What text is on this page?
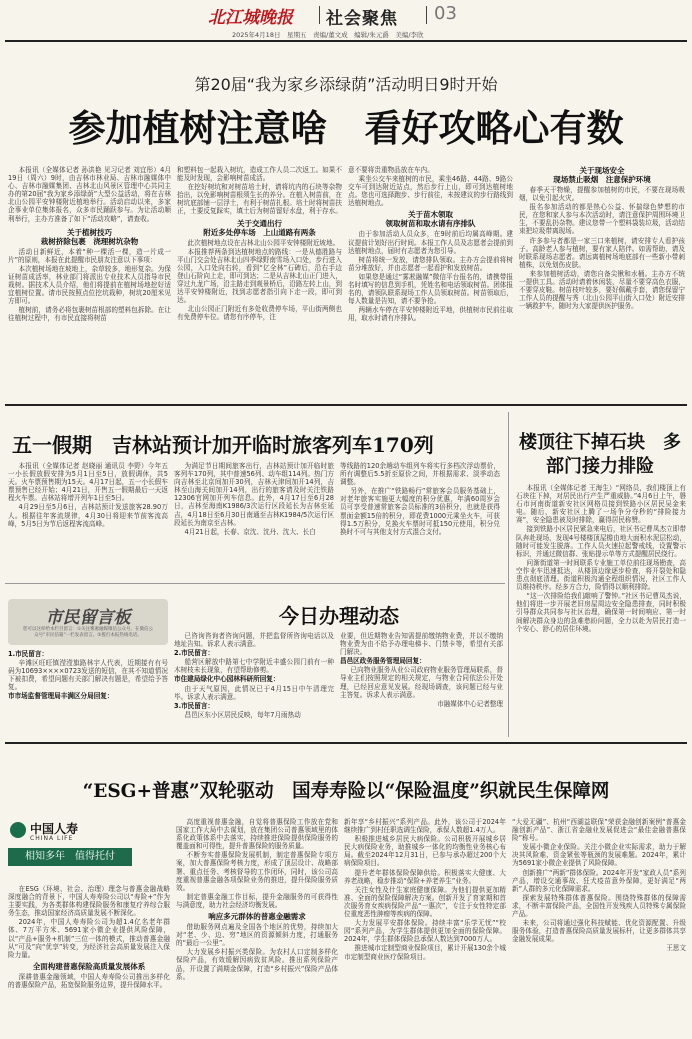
北江城晚报 社会聚焦 03
2025年4月18日　星期五　责编/董文成　编辑/朱元爵　美编/李欣
第20届“我为家乡添绿荫”活动明日9时开始
参加植树注意啥　看好攻略心有数

本报讯（全媒体记者 孙洪艳 见习记者 刘宜彤）4月19日（周六）9时，由吉林市林业局、吉林市融媒体中心、吉林市融媒集团、吉林北山风景区管理中心共同主办的第20届“我为家乡添绿荫”大型公益活动，将在吉林北山公园平安钟楼附近植地举行。活动启动以来，多家企事业单位集体报名，众多市民踊跃参与。为让活动顺利举行，主办方准备了如下“活动攻略”，请查收。

关于植树技巧
栽树挤除包裹　浇理树坑杂物

活动日新鲜近，本着“种一棵活一棵，造一片成一片”的原则，本报在此提醒市民朋友注意以下事项：

本次植树场地在坡地上，杂草较多，地形复杂。为保证树苗成活率，林业部门将派出专业技术人员指导市民栽树。据技术人员介绍，他们将提前在植树场地挖好适宜植树位置。请市民按照点位挖坑栽种，树坑20厘米见方即可。

植树前，请务必将包裹树苗根部的塑料包拆除。在让往植树过程中，有市民直接将树苗

和塑料包一起栽入树坑，造成工作人员二次返工。如果不能及时发现，会影响树苗成活。

在挖好树坑和对树苗培土时，请将坑内的石块等杂物拾出，以免影响树苗根须生长的养分。在植入树苗前，在树坑底部铺一层浮土，有利于树苗扎根。培土时将树苗扶正，土要反复踩实，填土后为树苗留好水盘，利于存水。

关于交通出行
附近多处停车场　上山道路有两条

此次植树地点设在吉林北山公园平安钟楼附近坡地。

本报推荐两条到达植树地点的路线：一是从德胜路与平山门交会处吉林北山四季绿野南雪场入口处，步行进入公园，入口处向右转，看到“亿全林”石碑后，沿右手边登山石阶向上走，即可到达；二是从吉林北山正门进入，穿过九龙广场，沿主路走到观景桥后，沿路左转上山，到达平安钟楼附近，找到志愿者指引向下走一段，即可到达。

北山公园正门附近有多处收费停车场，平山街两侧也有免费停车位。请您有序停车，注

意不要将贵重物品放在车内。

乘坐公交车来植树的市民，乘坐46路、44路、9路公交车可到达附近站点，然后步行上山，即可到达植树地点。您也可选择跑步、步行前往，未按建议的步行路线到达植树地点。

关于苗木领取
领取树苗和取水请有序排队

由于参加活动人员众多，在9时前后均属高峰期。建议提前计划好出行时间。本报工作人员及志愿者会提前到达植树地点，届时有志愿者为您引导。

树苗将统一发放，请您排队领取。主办方会提前将树苗分堆放好，并由志愿者一起看护和发放树苗。

如果您是通过“雾凇融媒”微信平台报名的，请携带报名时填写的信息到手机，凭姓名和电话领取树苗。团体报名的，请领队联系现场工作人员领取树苗。树苗领取后，每人数量是告知，请不要争抢。

两辆水车停在平安钟楼附近平地，供植树市民前往取用，取水时请有序排队。

关于现场安全
现场禁止吸烟　注意保护环境

春季天干物燥，提醒参加植树的市民，不要在现场吸烟，以免引起火灾。

报名参加活动的都是热心公益、怀揣绿色梦想的市民，在您和家人参与本次活动时，请注意保护周围环境卫生，不要乱扔杂物。建议您带一个塑料袋装垃圾，活动结束把垃圾带离现场。

许多参与者都是一家三口来植树，请安排专人看护孩子。高龄老人参与植树，要有家人陪伴。如需帮助，请及时联系现场志愿者。请远离植树场地底部有一些新小带刺植株，以免划伤皮肤。

来参加植树活动，请您自备尖锹和水桶。主办方不统一提供工具。活动时请着休闲装，尽量不要穿高色衣服，不要穿皮鞋。树苗枝叶较多，要好佩戴手套，请您保留宁工作人员的提醒与秀（北山公园平山街入口处）附近安排一辆救护车，随时为大家提供医护服务。

五一假期　吉林站预计加开临时旅客列车170列

本报讯（全媒体记者 赵晓丽 通讯员 李野）今年五一小长假放假安排为5月1日至5日，放假调休，共5天。火车票预售期为15天。4月17日起，五一小长假车票预售已经开始；4月21日，开售五一假期最后一天返程火车票。吉林站将增开列车1日至5日。

4月29日至5月6日，吉林站预计发送旅客28.90万人。根据往年客流规律，4月30日将迎来节前客流高峰，5月5日为节后返程客流高峰。

为满足节日期间旅客出行，吉林站预计加开临时旅客列车170列，其中普速56列、动车组114列。热门方向吉林至北京间加开30列，吉林天津间加开14列，吉林至山海关间加开14列，出行的旅客请及时关注铁路12306官网加开列车信息。此外，4月17日至6月28日，吉林至海南K1986/3次运行区段延长为吉林至延吉，4月18日至6月30日南通至吉林K1984/5次运行区段延长为南京至吉林。

4月21日起，长春、京沈、沈丹、沈大、长白

等线路的120余趟动车组列车将实行多档次浮动票价，所有调整后5.5折至原价之间，并根据需求、淡季动态调整。

另外，在推广“铁路畅行”常旅客会员服务基础上，对老年旅客实施更大幅度的积分优惠，年满60周岁会员可享受普速常旅客会员标准的3倍积分，也就是获得票面金额15倍的积分，即花费1000元乘坐火车，可获得1.5万积分，兑换火车票时可抵150元使用，积分兑换时不可与其他支付方式混合支付。

楼顶往下掉石块　多部门接力排险

本报讯（全媒体记者 王海生）“网络员，我们楼顶上有石块往下掉，对居民出行产生严重威胁。”4月6日上午，磐石市河南街道新安社区网格员接到铁路小区居民吴金来电。随后，新安社区上腾了一场争分夺秒的“排险接力赛”，安全隐患被及时排除，赢得居民称赞。

接到铁路小区居民紧急来电后，社区书记曹凤杰立即带队奔赴现场，发现4号楼楼顶屋檐由地大面积水泥层松动，随时可能发生脱落。工作人员火速拉起警戒线，设置警示标识，并通过微信群、张贴提示单等方式提醒居民绕行。

问渐街道第一时间联系专业施工单位前往现场勘查，高空作业车迅速抵达，从楼顶边缘逐步检查，将开裂处和隐患点彻底清理。街道积极沟通全程组织情况，社区工作人员维持秩序。经多方合力，险情得以顺利排除。

“这一次排险给我们敲响了警钟。”社区书记曹凤杰说，他们将进一步开展老旧房屋周边安全隐患排查，同时积极引导群众共同参与社区治理，确保第一时间响应、第一时间解决群众身边的急难愁盼问题，全力以赴为居民打造一个安心、舒心的居住环境。

市民留言板
您可以这样给本栏目留言：①关注雾凇融媒微信公众号，在微信公众号“市民信箱”一栏发表留言。②拨打本报热线电话。

1.市民留言：

辛滩区旺旺镇滢滢旗路林宇人代表，近期接有有号码为10693××××0723发送的短信，在其不知道情况下被扣费，希望问题有关部门解决有题是，希望给予答复。

市市场监督管理局丰满区分局回复：

今日办理动态

已咨询咨询者咨询问题，并把监督所咨询电话以及地址告知。诉求人表示满意。

2.市民留言：

船营区解放中路第七中学附近丰盛公园门前有一种木树枝未长现象，有望帮助修剪。

市住建局绿化中心园林科研所回复：

由于天气原因，此情况已于4月15日中午清理完毕。诉求人表示满意。

3.市民留言：

昌邑区东小区居民反映，每年7月雨热动

业要，但近期物业告知需提前缴纳物业费，并以不缴纳物业费为由不给予办理电梯卡、门禁卡等，希望有关部门解决。

昌邑区政务服务管理局回复：

已向物业服务从业公司政府物业服务管理局联系，督导业主们按照规定的相关规定，与物业合同依法公开处理，已经回应意见发展。经现场调查，该问题已经与业主答复。诉求人表示满意。

市融媒体中心记者整理

“ESG+普惠”双轮驱动　国寿寿险以“保险温度”织就民生保障网
中国人寿
CHINA LIFE
相知多年　值得托付

在ESG（环境、社会、治理）理念与普惠金融战略深度融合的背景下，中国人寿寿险公司以“寿险+”作为主要实践，为各类群体构建保险服务和康复疗养综合服务生态，推动国家经济高质量发展不断深化。

2024年，中国人寿寿险公司为超1.4亿名老年群体、7万平方米、5691家小微企业提供风险保障，以“产品+服务+机制”三位一体的模式，推动普惠金融从“可及”向“优享”转变，为经济社会高质量发展注入保险力量。

全面构建普惠保险高质量发展体系

深耕普惠金融领域，中国人寿寿险公司推出多样化的普惠保险产品，拓宽保险服务边界，提升保障水平。

高度重视普惠金融，自觉将普惠保险工作放在党和国家工作大局中去谋划，放在集团公司普惠领域里的体系化政策体系中去落实，持续推进保险提供保险服务的覆盖面和可得性，提升普惠保险的服务质量。

不断夯实普惠保险发展机制，制定普惠保险专项方案，加大普惠保险考核力度，形成了顶层设计、战略部署、重点任务、考核督导的工作闭环，同时，该公司高度重视普惠金融各项保险业务的推进，提升保险服务质效。

制定普惠金融工作目标，提升金融服务的可获得性与满意度，助力社会经济均衡发展。

响应多元群体的普惠金融需求

借助服务网点遍及全国各个地区的优势，持续加大对“老、少、边、穷”地区的资源倾斜力度，打通服务的“最后一公里”。

大力发展乡村振兴类保险。为农村人口定制多样化保险产品，有效缓解因病致贫风险。推出系列保险产品，开设置了满期金保障，打造“乡村振兴”保险产品体系。

新年享“乡村振兴”系列产品。此外，该公司于2024年继续推广到村任职选调生保险，承保人数超1.4万人。

积极推进城乡居民大病保险。公司积极开展城乡居民大病保险业务，助推城乡一体化的均衡性业务核心布局。截至2024年12月31日，已参与承办超过200个大病保险项目。

提升老年群体保险保障供给。积极落实大健康、大养老战略，稳步推动“保险+养老养生”业务。

关注女性及什生家庭健康保障。为他们提供更加精准、全面的保险保障解决方案。创新开发了育家期和首次服务育女疾病保险产品“一惠次”，专注于女性特定部位重度恶性肿瘤等疾病的保障。

大力发展平安群体保险。持续丰富“乐学无忧”“校园”系列产品，为学生群体提供更加全面的保险保障。2024年，学生群体保险总承保人数达到7000万人。

推进城市定制型商业保险项目，累计开展130余个城市定制型商业医疗保险项目。

“大爱无疆”、杭州“西湖益联保”荣获金融创新案例“普惠金融创新产品”、浙江省金融业发展促进会“最佳金融普惠保险”称号。

发展小微企业保险。关注小微企业实际需求，助力于解决其风险难、资金紧张等瓶颈的发展难题。2024年，累计为5691家小微企业提供了风险保障。

创新推广“两新”群体保险。2024年开发“家政人员”系列产品，增设交通事故、狂犬疫苗意外保障，更好满足“两新”人群的多元化保障需求。

探索发展特殊群体普惠保险。围绕特殊群体的保障需求，不断丰富保险产品，全国性开发残疾人员特殊专属保险产品。

未来，公司将通过强化科技赋能、优化资源配置、升级服务体验，打造普惠保险高质量发展标杆，让更多群体共享金融发展成果。

王思文
